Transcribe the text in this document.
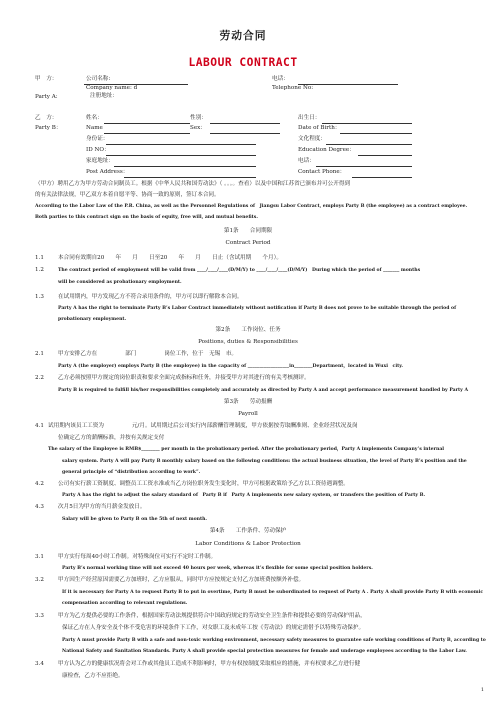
劳动合同
LABOUR CONTRACT
甲　方：	公司名称:	电话：
Company name: d	Telephone No:
Party A:	注册地址：
乙　方：	姓名：	性别：	出生日：
Party B：	Name	Sex：	Date of Birth：
身份证：	文化程度：
ID NO：	Education Degree：
家庭地址：	电话：
Post Address：	Contact Phone：
（甲方）聘用乙方为甲方劳动合同制员工。根据《中华人民共和国劳动法》（ 。。。。查看）以及中国和江苏省已颁布并可公开得到
的有关法律法规，甲乙双方本着自愿平等、协商一致的原则，签订本合同。
According to the Labor Law of the P.R. China, as well as the Personnel Regulations of　Jiangsu Labor Contract, employs Party B (the employee) as a contract employee.
Both parties to this contract sign on the basis of equity, free will, and mutual benefits.
第1条　　合同期限
Contract Period
1.1	本合同有效期自20　　年　　月　　日至20　　年　　月　　日止（含试用期　　个月）。
1.2	The contract period of employment will be valid from ____/____/____(D/M/Y) to ____/____/____(D/M/Y)　During which the period of _______ months
will be considered as probationary employment.
1.3	在试用期内，甲方发现乙方不符合录用条件的，甲方可以即行解除本合同。
Party A has the right to terminate Party B’s Labor Contract immediately without notification if Party B does not prove to be suitable through the period of
probationary employment.
第2条　　工作岗位、任务
Positions, duties & Responsibilities
2.1	甲方安排乙方在　　　　　部门　　　　　岗位工作，位于　无锡　市。
Party A (the employer) employs Party B (the employee) in the capacity of __________________in________Department，located in Wuxi　city.
2.2	乙方必须按照甲方规定的岗位职责和要求全面完成指标和任务，并接受甲方对其进行的有关考核测评。
Party B is required to fulfill his/her responsibilities completely and accurately as directed by Party A and accept performance measurement handled by Party A
第3条　　劳动报酬
Payroll
4.1 试用期内该员工工资为　　　　　元/月。试用期过后公司实行内部薪酬管理制度，甲方依据按劳取酬准则、企业经营状况及岗
位确定乙方的薪酬标准，并按有关规定支付
The salary of the Employee is RMB$________ per month in the probationary period. After the probationary period，Party A implements Company’s internal
salary system. Party A will pay Party B monthly salary based on the following conditions: the actual business situation, the level of Party B’s position and the
general principle of “distribution according to work”.
4.2	公司有实行薪工资制度、调整员工工资水准或当乙方岗位职务发生变化时，甲方可根据政策给予乙方以工资待遇调整。
Party A has the right to adjust the salary standard of　Party B if　Party A implements new salary system, or transfers the position of Party B.
4.3	次月5日为甲方的当月薪金发放日。
Salary will be given to Party B on the 5th of next month.
第4条　　工作条件、劳动保护
Labor Conditions & Labor Protection
3.1	甲方实行每周40小时工作制。对特殊岗位可实行不定时工作制。
Party B’s normal working time will not exceed 40 hours per week, whereas it’s flexible for some special position holders.
3.2	甲方因生产经营原因需要乙方加班时，乙方应服从，同时甲方应按规定支付乙方加班费按额外补偿。
If it is necessary for Party A to request Party B to put in overtime, Party B must be subordinated to request of Party A . Party A shall provide Party B with economic
compensation according to relevant regulations.
3.3	甲方为乙方提供必要的工作条件，根据国家劳动法规提供符合中国政府规定的劳动安全卫生条件和提供必要的劳动保护用品，
保证乙方在人身安全及个体不受危害的环境条件下工作，对女职工及未成年工按《劳动法》的规定需借予以特殊劳动保护。
Party A must provide Party B with a safe and non-toxic working environment, necessary safety measures to guarantee safe working conditions of Party B, according to
National Safety and Sanitation Standards. Party A shall provide special protection measures for female and underage employees according to the Labor Law.
3.4	甲方认为乙方的健康状况将会对工作或其他员工造成不利影响时，甲方有权按制度采取相应的措施，并有权要求乙方进行健
康检查，乙方不应拒绝。
1
